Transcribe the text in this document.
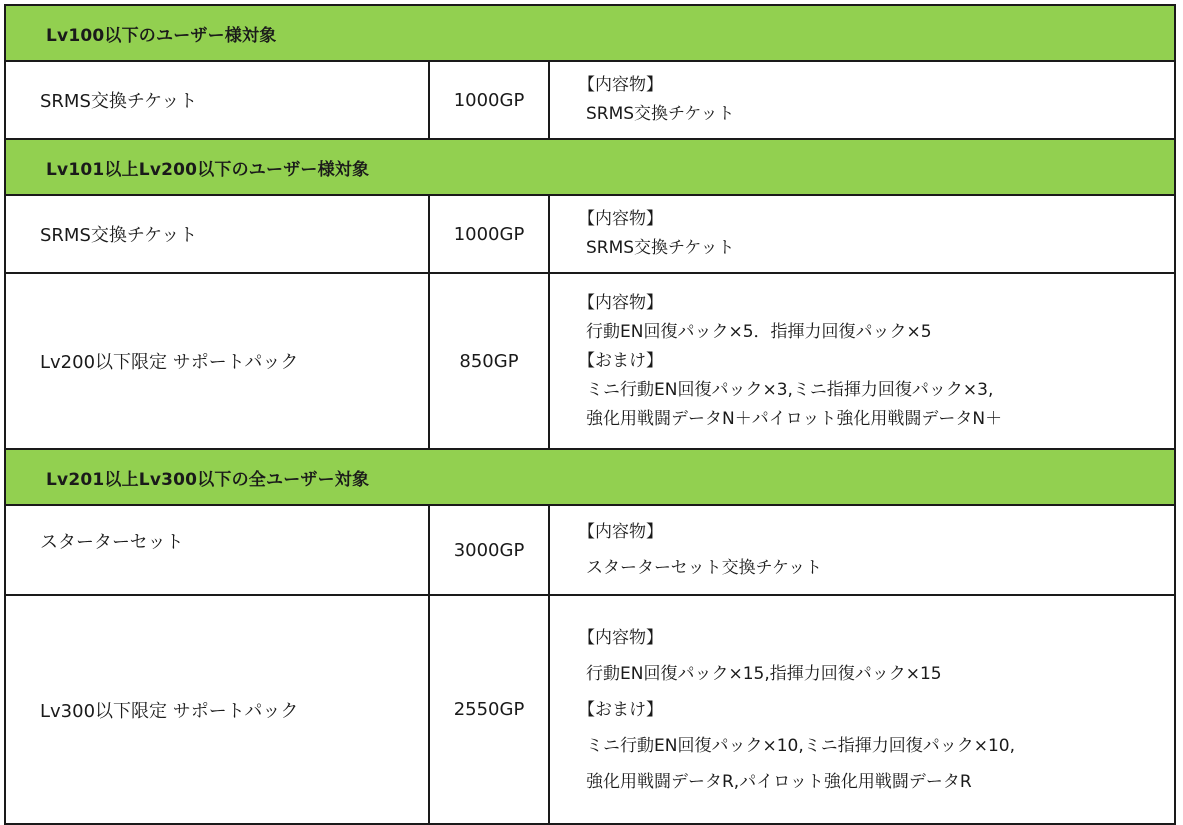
Lv100以下のユーザー様対象		
SRMS交換チケット	1000GP	【内容物】
SRMS交換チケット

Lv101以上Lv200以下のユーザー様対象		
SRMS交換チケット	1000GP	【内容物】
SRMS交換チケット

Lv200以下限定 サポートパック	850GP	【内容物】
行動EN回復パック×5．指揮力回復パック×5
【おまけ】
ミニ行動EN回復パック×3,ミニ指揮力回復パック×3,
強化用戦闘データN＋パイロット強化用戦闘データN＋

Lv201以上Lv300以下の全ユーザー対象		
スターターセット	3000GP	【内容物】
スターターセット交換チケット

Lv300以下限定 サポートパック	2550GP	【内容物】
行動EN回復パック×15,指揮力回復パック×15
【おまけ】
ミニ行動EN回復パック×10,ミニ指揮力回復パック×10,
強化用戦闘データR,パイロット強化用戦闘データR
